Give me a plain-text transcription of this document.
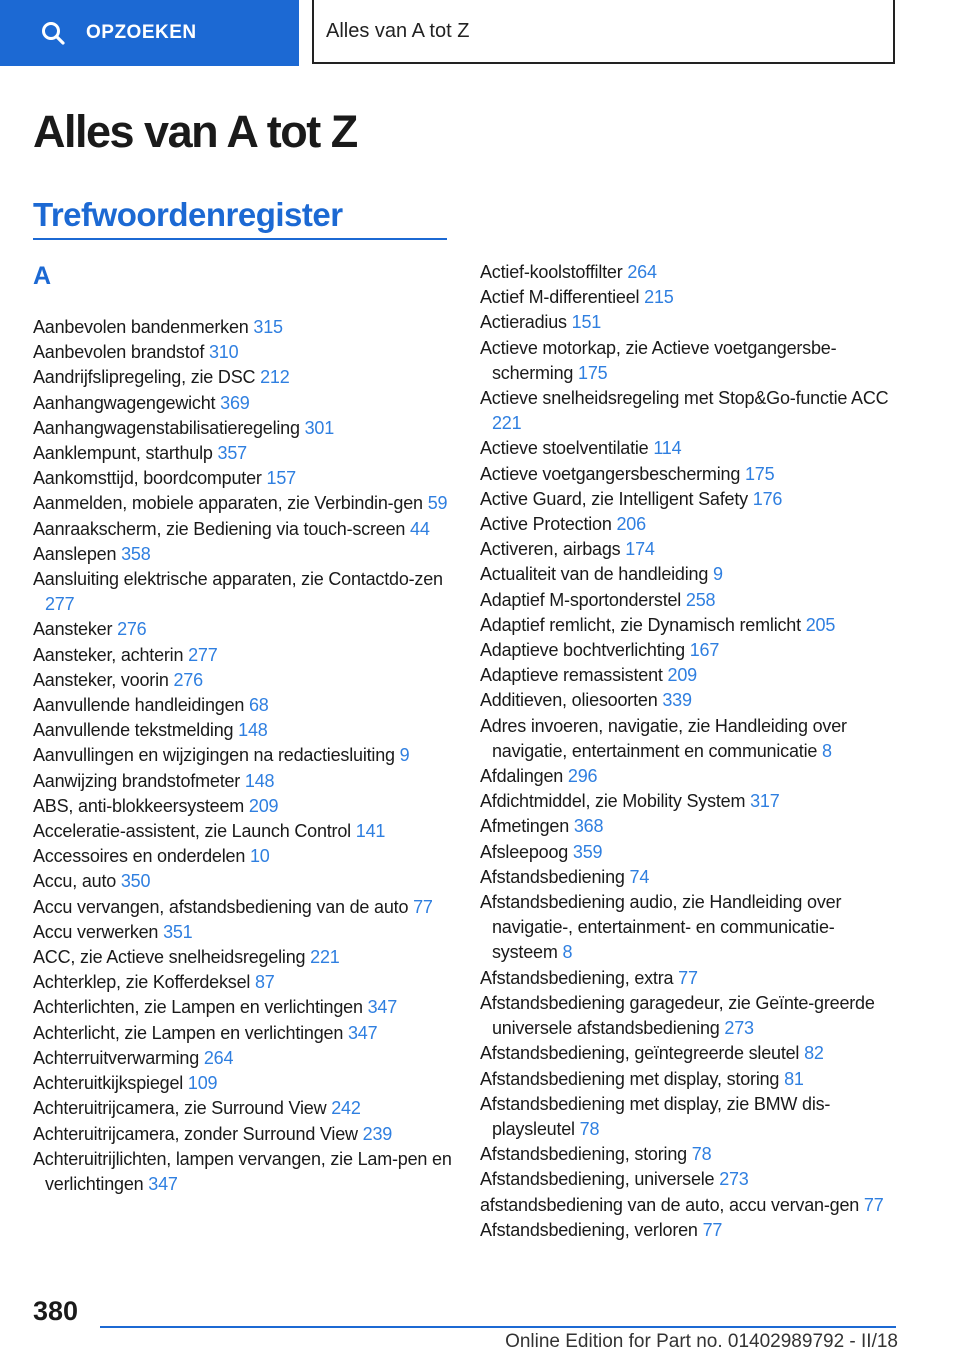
OPZOEKEN	Alles van A tot Z
Alles van A tot Z
Trefwoordenregister
A
Aanbevolen bandenmerken 315
Aanbevolen brandstof 310
Aandrijfslipregeling, zie DSC 212
Aanhangwagengewicht 369
Aanhangwagenstabilisatieregeling 301
Aanklempunt, starthulp 357
Aankomsttijd, boordcomputer 157
Aanmelden, mobiele apparaten, zie Verbindin-gen 59
Aanraakscherm, zie Bediening via touch-screen 44
Aanslepen 358
Aansluiting elektrische apparaten, zie Contactdo-zen 277
Aansteker 276
Aansteker, achterin 277
Aansteker, voorin 276
Aanvullende handleidingen 68
Aanvullende tekstmelding 148
Aanvullingen en wijzigingen na redactiesluiting 9
Aanwijzing brandstofmeter 148
ABS, anti-blokkeersysteem 209
Acceleratie-assistent, zie Launch Control 141
Accessoires en onderdelen 10
Accu, auto 350
Accu vervangen, afstandsbediening van de auto 77
Accu verwerken 351
ACC, zie Actieve snelheidsregeling 221
Achterklep, zie Kofferdeksel 87
Achterlichten, zie Lampen en verlichtingen 347
Achterlicht, zie Lampen en verlichtingen 347
Achterruitverwarming 264
Achteruitkijkspiegel 109
Achteruitrijcamera, zie Surround View 242
Achteruitrijcamera, zonder Surround View 239
Achteruitrijlichten, lampen vervangen, zie Lam-pen en verlichtingen 347
Actief-koolstoffilter 264
Actief M-differentieel 215
Actieradius 151
Actieve motorkap, zie Actieve voetgangersbe-scherming 175
Actieve snelheidsregeling met Stop&Go-functie ACC 221
Actieve stoelventilatie 114
Actieve voetgangersbescherming 175
Active Guard, zie Intelligent Safety 176
Active Protection 206
Activeren, airbags 174
Actualiteit van de handleiding 9
Adaptief M-sportonderstel 258
Adaptief remlicht, zie Dynamisch remlicht 205
Adaptieve bochtverlichting 167
Adaptieve remassistent 209
Additieven, oliesoorten 339
Adres invoeren, navigatie, zie Handleiding over navigatie, entertainment en communicatie 8
Afdalingen 296
Afdichtmiddel, zie Mobility System 317
Afmetingen 368
Afsleepoog 359
Afstandsbediening 74
Afstandsbediening audio, zie Handleiding over navigatie-, entertainment- en communicatie-systeem 8
Afstandsbediening, extra 77
Afstandsbediening garagedeur, zie Geïnte-greerde universele afstandsbediening 273
Afstandsbediening, geïntegreerde sleutel 82
Afstandsbediening met display, storing 81
Afstandsbediening met display, zie BMW dis-playsleutel 78
Afstandsbediening, storing 78
Afstandsbediening, universele 273
afstandsbediening van de auto, accu vervan-gen 77
Afstandsbediening, verloren 77
380
Online Edition for Part no. 01402989792 - II/18
